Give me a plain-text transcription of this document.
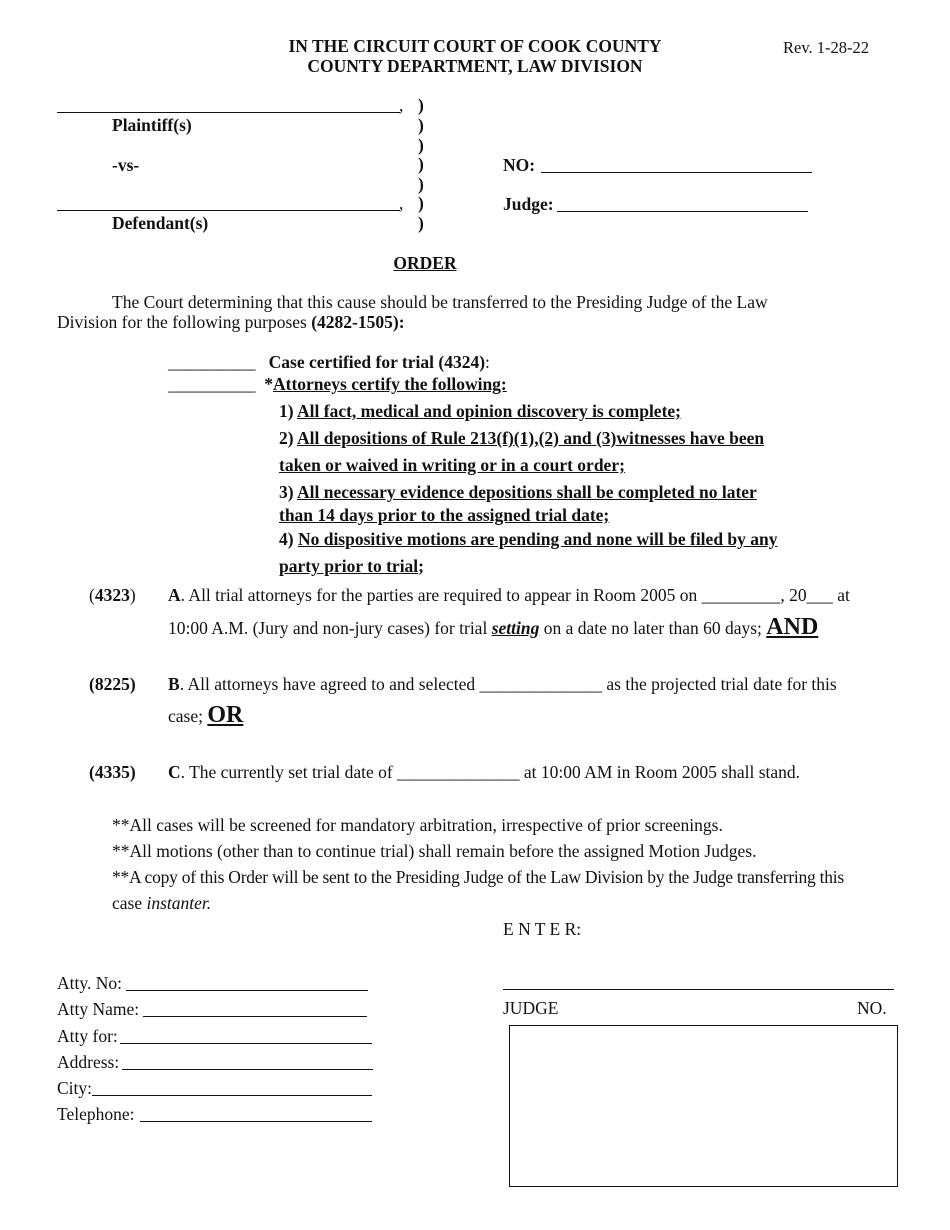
IN THE CIRCUIT COURT OF COOK COUNTY
COUNTY DEPARTMENT, LAW DIVISION
Rev. 1-28-22
,
Plaintiff(s)
-vs-
,
Defendant(s)
)
)
)
)
)
)
)
NO:
Judge:
ORDER
The Court determining that this cause should be transferred to the Presiding Judge of the Law
Division for the following purposes (4282-1505):
__________ Case certified for trial (4324):
__________ *Attorneys certify the following:
1) All fact, medical and opinion discovery is complete;
2) All depositions of Rule 213(f)(1),(2) and (3)witnesses have been
taken or waived in writing or in a court order;
3) All necessary evidence depositions shall be completed no later
than 14 days prior to the assigned trial date;
4) No dispositive motions are pending and none will be filed by any
party prior to trial;
(4323) A. All trial attorneys for the parties are required to appear in Room 2005 on _________, 20___ at
10:00 A.M. (Jury and non-jury cases) for trial setting on a date no later than 60 days; AND
(8225) B. All attorneys have agreed to and selected ______________ as the projected trial date for this
case; OR
(4335) C. The currently set trial date of ______________ at 10:00 AM in Room 2005 shall stand.
**All cases will be screened for mandatory arbitration, irrespective of prior screenings.
**All motions (other than to continue trial) shall remain before the assigned Motion Judges.
**A copy of this Order will be sent to the Presiding Judge of the Law Division by the Judge transferring this
case instanter.
E N T E R:
Atty. No:
Atty Name:
Atty for:
Address:
City:
Telephone:
JUDGE	NO.
